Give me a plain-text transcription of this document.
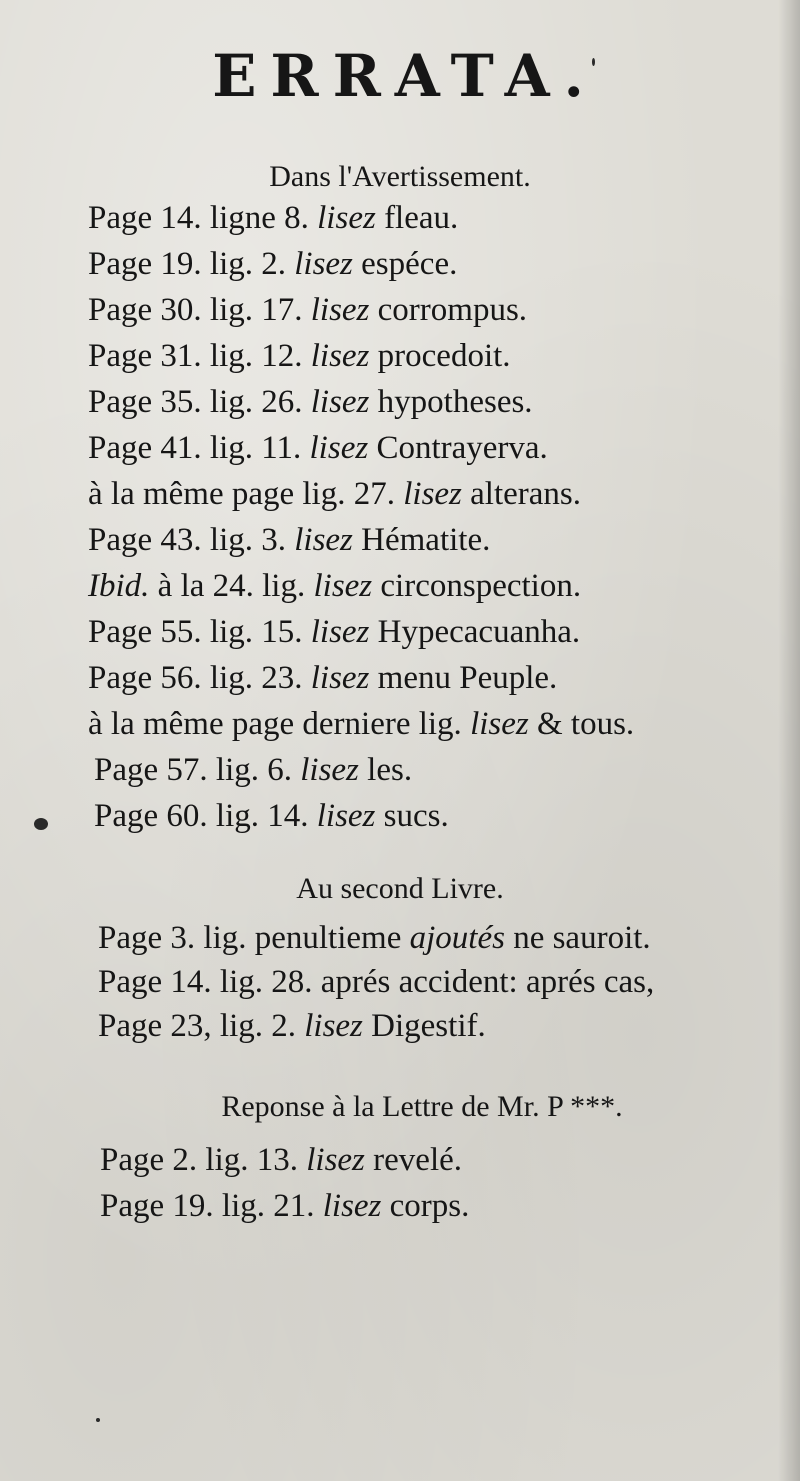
ERRATA.
Dans l'Avertissement.
Page 14. ligne 8. lisez fleau.
Page 19. lig. 2. lisez espéce.
Page 30. lig. 17. lisez corrompus.
Page 31. lig. 12. lisez procedoit.
Page 35. lig. 26. lisez hypotheses.
Page 41. lig. 11. lisez Contrayerva.
à la même page lig. 27. lisez alterans.
Page 43. lig. 3. lisez Hématite.
Ibid. à la 24. lig. lisez circonspection.
Page 55. lig. 15. lisez Hypecacuanha.
Page 56. lig. 23. lisez menu Peuple.
à la même page derniere lig. lisez & tous.
Page 57. lig. 6. lisez les.
Page 60. lig. 14. lisez sucs.
Au second Livre.
Page 3. lig. penultieme ajoutés ne sauroit.
Page 14. lig. 28. aprés accident: aprés cas,
Page 23, lig. 2. lisez Digestif.
Reponse à la Lettre de Mr. P ***.
Page 2. lig. 13. lisez revelé.
Page 19. lig. 21. lisez corps.
